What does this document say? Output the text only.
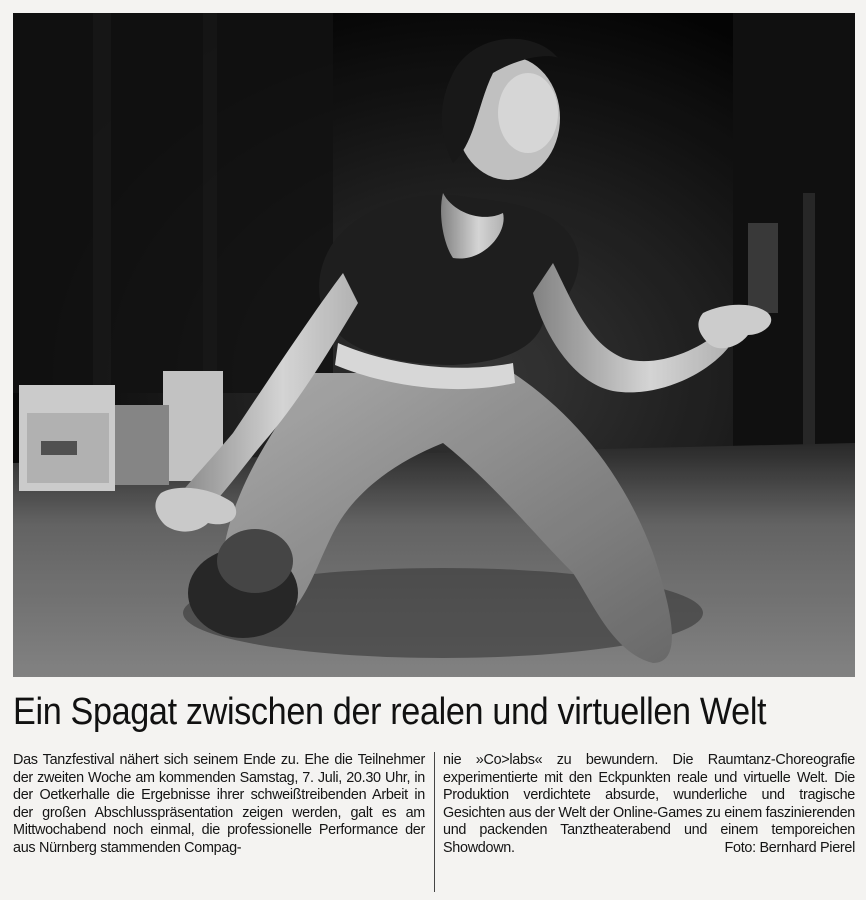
Ein Spagat zwischen der realen und virtuellen Welt
Das Tanzfestival nähert sich seinem Ende zu. Ehe die Teilnehmer der zweiten Woche am kommenden Samstag, 7. Juli, 20.30 Uhr, in der Oetkerhalle die Ergebnisse ihrer schweißtreibenden Arbeit in der großen Abschlusspräsentation zeigen werden, galt es am Mittwochabend noch einmal, die professionelle Performance der aus Nürnberg stammenden Compag-
nie »Co>labs« zu bewundern. Die Raumtanz-Choreografie experimentierte mit den Eckpunkten reale und virtuelle Welt. Die Produktion verdichtete absurde, wunderliche und tragische Gesichten aus der Welt der Online-Games zu einem faszinierenden und packenden Tanztheaterabend und einem temporeichen Showdown.	Foto: Bernhard Pierel
